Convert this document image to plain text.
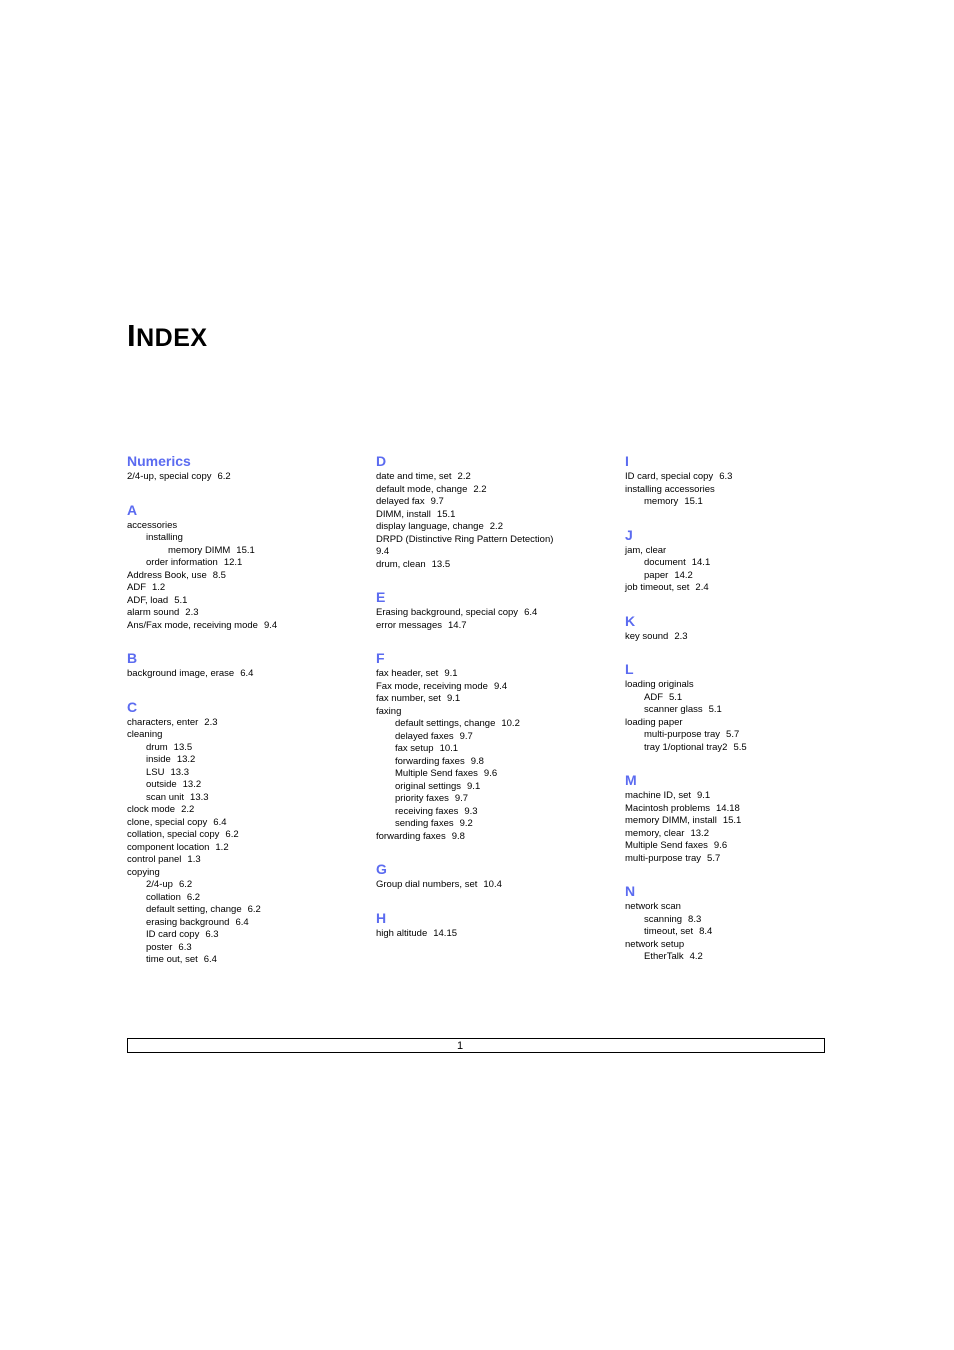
INDEX
Numerics
2/4-up, special copy 6.2
A
accessories
installing
memory DIMM 15.1
order information 12.1
Address Book, use 8.5
ADF 1.2
ADF, load 5.1
alarm sound 2.3
Ans/Fax mode, receiving mode 9.4
B
background image, erase 6.4
C
characters, enter 2.3
cleaning
drum 13.5
inside 13.2
LSU 13.3
outside 13.2
scan unit 13.3
clock mode 2.2
clone, special copy 6.4
collation, special copy 6.2
component location 1.2
control panel 1.3
copying
2/4-up 6.2
collation 6.2
default setting, change 6.2
erasing background 6.4
ID card copy 6.3
poster 6.3
time out, set 6.4
D
date and time, set 2.2
default mode, change 2.2
delayed fax 9.7
DIMM, install 15.1
display language, change 2.2
DRPD (Distinctive Ring Pattern Detection)
9.4
drum, clean 13.5
E
Erasing background, special copy 6.4
error messages 14.7
F
fax header, set 9.1
Fax mode, receiving mode 9.4
fax number, set 9.1
faxing
default settings, change 10.2
delayed faxes 9.7
fax setup 10.1
forwarding faxes 9.8
Multiple Send faxes 9.6
original settings 9.1
priority faxes 9.7
receiving faxes 9.3
sending faxes 9.2
forwarding faxes 9.8
G
Group dial numbers, set 10.4
H
high altitude 14.15
I
ID card, special copy 6.3
installing accessories
memory 15.1
J
jam, clear
document 14.1
paper 14.2
job timeout, set 2.4
K
key sound 2.3
L
loading originals
ADF 5.1
scanner glass 5.1
loading paper
multi-purpose tray 5.7
tray 1/optional tray2 5.5
M
machine ID, set 9.1
Macintosh problems 14.18
memory DIMM, install 15.1
memory, clear 13.2
Multiple Send faxes 9.6
multi-purpose tray 5.7
N
network scan
scanning 8.3
timeout, set 8.4
network setup
EtherTalk 4.2
1
